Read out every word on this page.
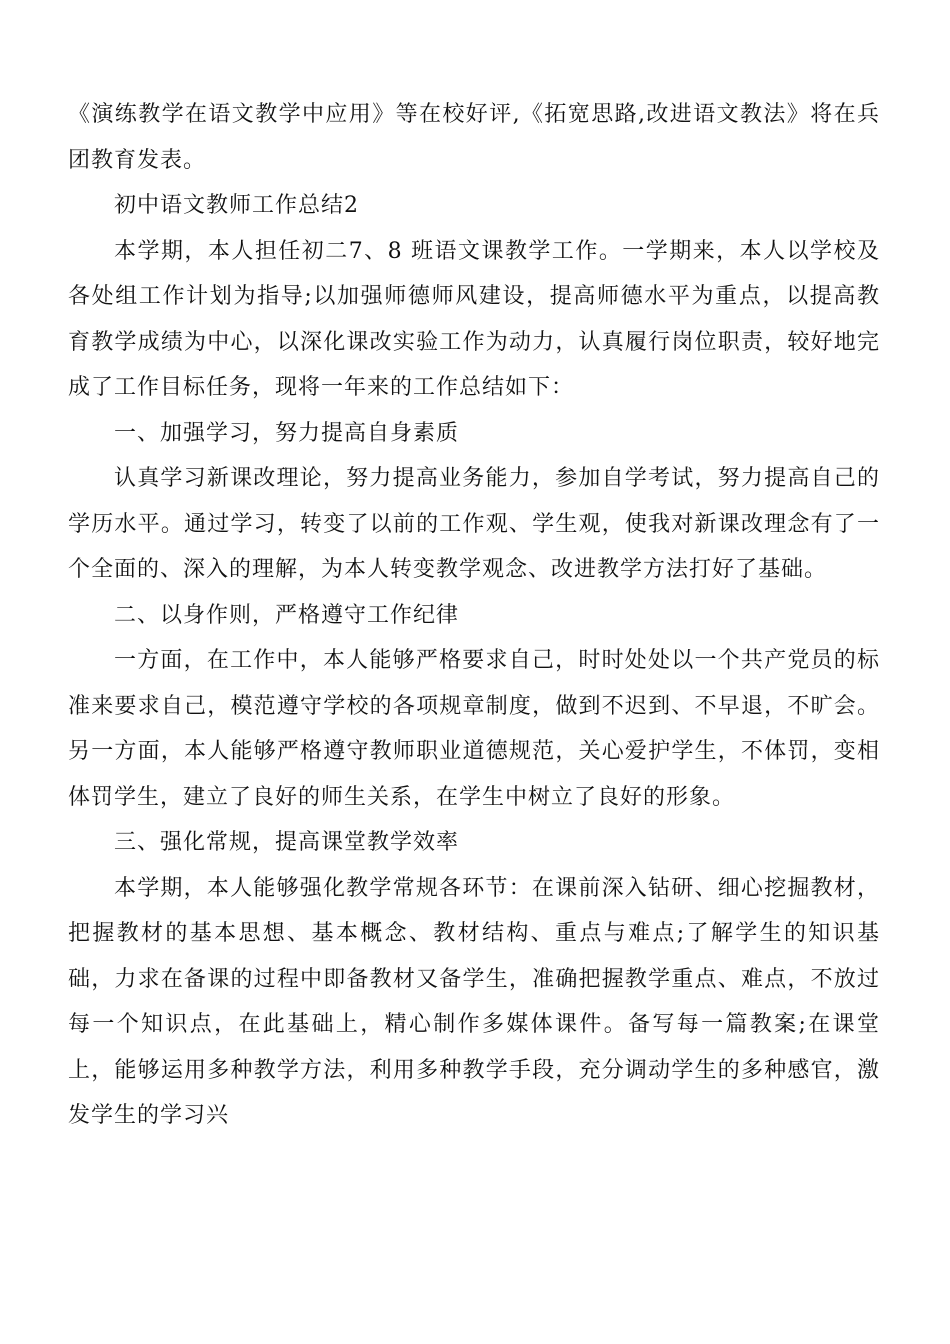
《演练教学在语文教学中应用》等在校好评,《拓宽思路,改进语文教法》将在兵团教育发表。

初中语文教师工作总结2

本学期，本人担任初二7、8 班语文课教学工作。一学期来，本人以学校及各处组工作计划为指导;以加强师德师风建设，提高师德水平为重点，以提高教育教学成绩为中心，以深化课改实验工作为动力，认真履行岗位职责，较好地完成了工作目标任务，现将一年来的工作总结如下：

一、加强学习，努力提高自身素质

认真学习新课改理论，努力提高业务能力，参加自学考试，努力提高自己的学历水平。通过学习，转变了以前的工作观、学生观，使我对新课改理念有了一个全面的、深入的理解，为本人转变教学观念、改进教学方法打好了基础。

二、以身作则，严格遵守工作纪律

一方面，在工作中，本人能够严格要求自己，时时处处以一个共产党员的标准来要求自己，模范遵守学校的各项规章制度，做到不迟到、不早退，不旷会。另一方面，本人能够严格遵守教师职业道德规范，关心爱护学生，不体罚，变相体罚学生，建立了良好的师生关系，在学生中树立了良好的形象。

三、强化常规，提高课堂教学效率

本学期，本人能够强化教学常规各环节：在课前深入钻研、细心挖掘教材，把握教材的基本思想、基本概念、教材结构、重点与难点;了解学生的知识基础，力求在备课的过程中即备教材又备学生，准确把握教学重点、难点，不放过每一个知识点，在此基础上，精心制作多媒体课件。备写每一篇教案;在课堂上，能够运用多种教学方法，利用多种教学手段，充分调动学生的多种感官，激发学生的学习兴
